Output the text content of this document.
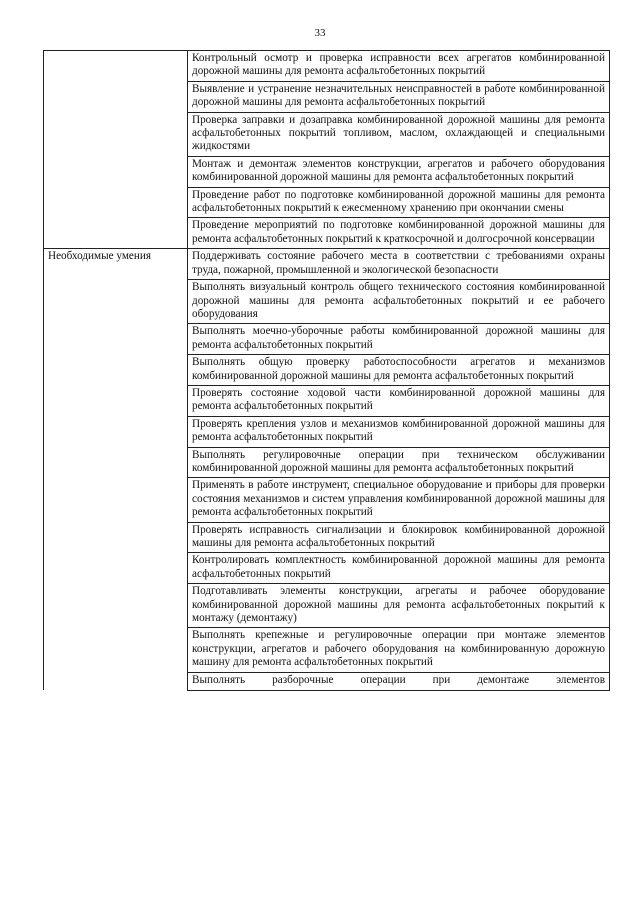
33
	Контрольный осмотр и проверка исправности всех агрегатов комбинированной дорожной машины для ремонта асфальтобетонных покрытий
	Выявление и устранение незначительных неисправностей в работе комбинированной дорожной машины для ремонта асфальтобетонных покрытий
	Проверка заправки и дозаправка комбинированной дорожной машины для ремонта асфальтобетонных покрытий топливом, маслом, охлаждающей и специальными жидкостями
	Монтаж и демонтаж элементов конструкции, агрегатов и рабочего оборудования комбинированной дорожной машины для ремонта асфальтобетонных покрытий
	Проведение работ по подготовке комбинированной дорожной машины для ремонта асфальтобетонных покрытий к ежесменному хранению при окончании смены
	Проведение мероприятий по подготовке комбинированной дорожной машины для ремонта асфальтобетонных покрытий к краткосрочной и долгосрочной консервации
Необходимые умения	Поддерживать состояние рабочего места в соответствии с требованиями охраны труда, пожарной, промышленной и экологической безопасности
	Выполнять визуальный контроль общего технического состояния комбинированной дорожной машины для ремонта асфальтобетонных покрытий и ее рабочего оборудования
	Выполнять моечно-уборочные работы комбинированной дорожной машины для ремонта асфальтобетонных покрытий
	Выполнять общую проверку работоспособности агрегатов и механизмов комбинированной дорожной машины для ремонта асфальтобетонных покрытий
	Проверять состояние ходовой части комбинированной дорожной машины для ремонта асфальтобетонных покрытий
	Проверять крепления узлов и механизмов комбинированной дорожной машины для ремонта асфальтобетонных покрытий
	Выполнять регулировочные операции при техническом обслуживании комбинированной дорожной машины для ремонта асфальтобетонных покрытий
	Применять в работе инструмент, специальное оборудование и приборы для проверки состояния механизмов и систем управления комбинированной дорожной машины для ремонта асфальтобетонных покрытий
	Проверять исправность сигнализации и блокировок комбинированной дорожной машины для ремонта асфальтобетонных покрытий
	Контролировать комплектность комбинированной дорожной машины для ремонта асфальтобетонных покрытий
	Подготавливать элементы конструкции, агрегаты и рабочее оборудование комбинированной дорожной машины для ремонта асфальтобетонных покрытий к монтажу (демонтажу)
	Выполнять крепежные и регулировочные операции при монтаже элементов конструкции, агрегатов и рабочего оборудования на комбинированную дорожную машину для ремонта асфальтобетонных покрытий
	Выполнять разборочные операции при демонтаже элементов
